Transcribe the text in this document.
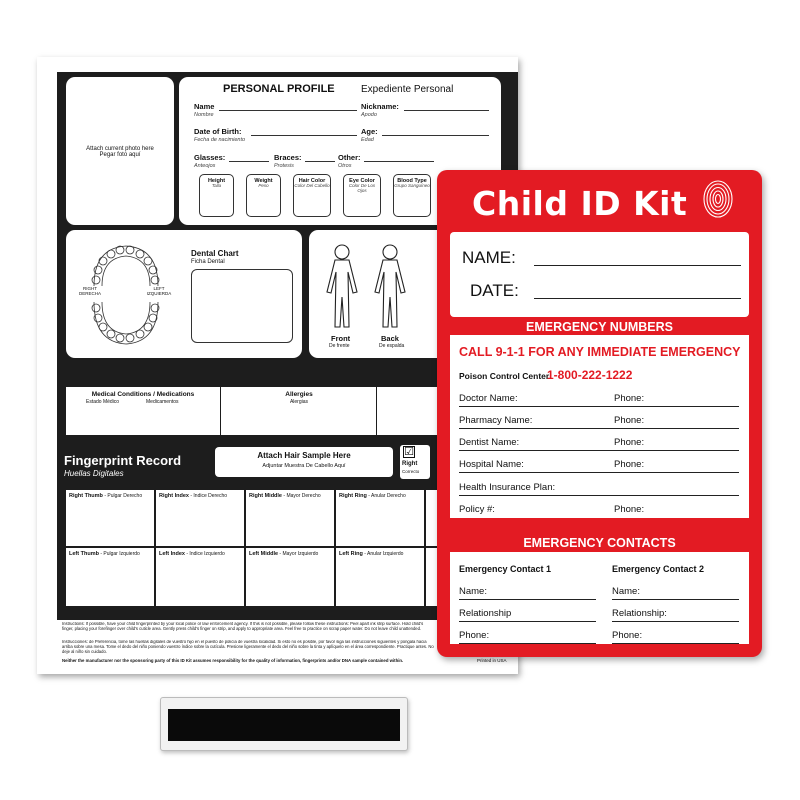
Attach current photo here
Pegar foto aquí
PERSONAL PROFILE	Expediente Personal
Name
Nombre
Nickname:
Apodo
Date of Birth:
Fecha de nacimiento
Age:
Edad
Glasses:
Anteojos
Braces:
Protesis
Other:
Otros
Height
Talla
Weight
Peso
Hair Color
Color Del Cabello
Eye Color
Color De Los Ojos
Blood Type
Grupo Sanguíneo
RIGHT DERECHA
LEFT IZQUIERDA
Dental Chart
Ficha Dental
Front
De frente
Back
De espalda
Medical Conditions / Medications
Estado Médico	Medicamentos
Allergies
Alergias
Fingerprint Record
Huellas Digitales
Attach Hair Sample Here
Adjuntar Muestra De Cabello Aquí
☑
Right
Correcto
Right Thumb - Pulgar Derecho	Right Index - Indice Derecho	Right Middle - Mayor Derecho	Right Ring - Anular Derecho
Left Thumb - Pulgar Izquierdo	Left Index - Indice Izquierdo	Left Middle - Mayor Izquierdo	Left Ring - Anular Izquierdo
Instructions: If possible, have your child fingerprinted by your local police or law enforcement agency. If this is not possible, please follow these instructions: Peel apart ink strip surface. Hold child's finger, placing your forefinger over child's cuticle area. Gently press child's finger on strip, and apply to appropriate area. Feel free to practice on scrap paper water. Do not leave child unattended.
Instrucciones: de Preferencia, tome las huellas digitales de vuestro hijo en el puesto de policía de vuestra localidad. Si esto no es posible, por favor siga las instrucciones siguientes y pongala hacia arriba sobre una mesa. Tome el dedo del niño poniendo vuestro índice sobre la cutícula. Presione ligeramente el dedo del niño sobre la tinta y aplíquelo en el área correspondiente. Practique antes. No deje al niño sin cuidado.
Neither the manufacturer nor the sponsoring party of this ID Kit assumes responsibility for the quality of information, fingerprints and/or DNA sample contained within.	Printed in USA
Child ID Kit
NAME:
DATE:
EMERGENCY NUMBERS
CALL 9-1-1 FOR ANY IMMEDIATE EMERGENCY
Poison Control Center:
1-800-222-1222
Doctor Name:	Phone:
Pharmacy Name:	Phone:
Dentist Name:	Phone:
Hospital Name:	Phone:
Health Insurance Plan:
Policy #:	Phone:
EMERGENCY CONTACTS
Emergency Contact 1	Emergency Contact 2
Name:	Name:
Relationship	Relationship:
Phone:	Phone:
